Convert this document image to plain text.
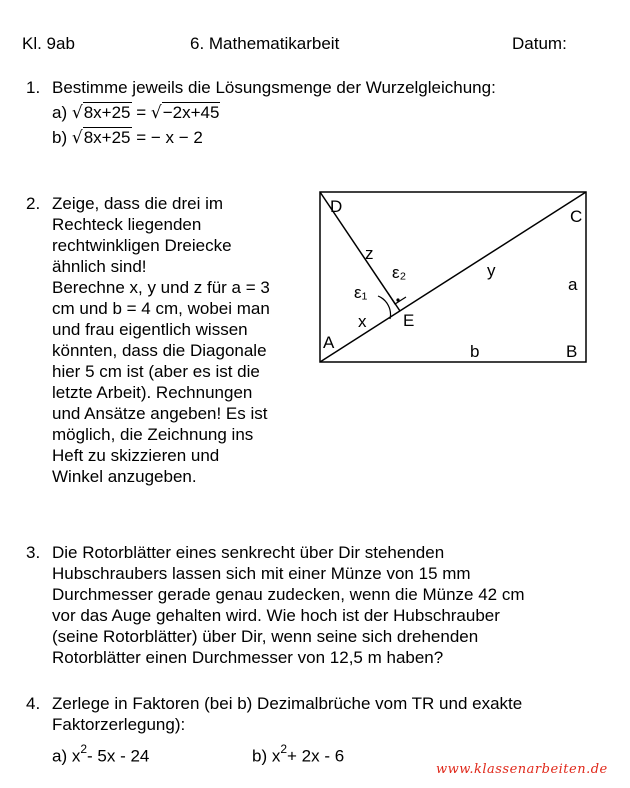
Kl. 9ab	6. Mathematikarbeit	Datum:
1. Bestimme jeweils die Lösungsmenge der Wurzelgleichung:
a) √8x+25 = √−2x+45
b) √8x+25 = − x − 2
2. Zeige, dass die drei im
Rechteck liegenden
rechtwinkligen Dreiecke
ähnlich sind!
Berechne x, y und z für a = 3
cm und b = 4 cm, wobei man
und frau eigentlich wissen
könnten, dass die Diagonale
hier 5 cm ist (aber es ist die
letzte Arbeit). Rechnungen
und Ansätze angeben! Es ist
möglich, die Zeichnung ins
Heft zu skizzieren und
Winkel anzugeben.
D
C
A	B
E
a
b
x
y
z
ε₁
ε₂
3. Die Rotorblätter eines senkrecht über Dir stehenden
Hubschraubers lassen sich mit einer Münze von 15 mm
Durchmesser gerade genau zudecken, wenn die Münze 42 cm
vor das Auge gehalten wird. Wie hoch ist der Hubschrauber
(seine Rotorblätter) über Dir, wenn seine sich drehenden
Rotorblätter einen Durchmesser von 12,5 m haben?
4. Zerlege in Faktoren (bei b) Dezimalbrüche vom TR und exakte
Faktorzerlegung):
a) $x^2-$ 5x - 24	b) $x^2+ 2x - 6$
www.klassenarbeiten.de
